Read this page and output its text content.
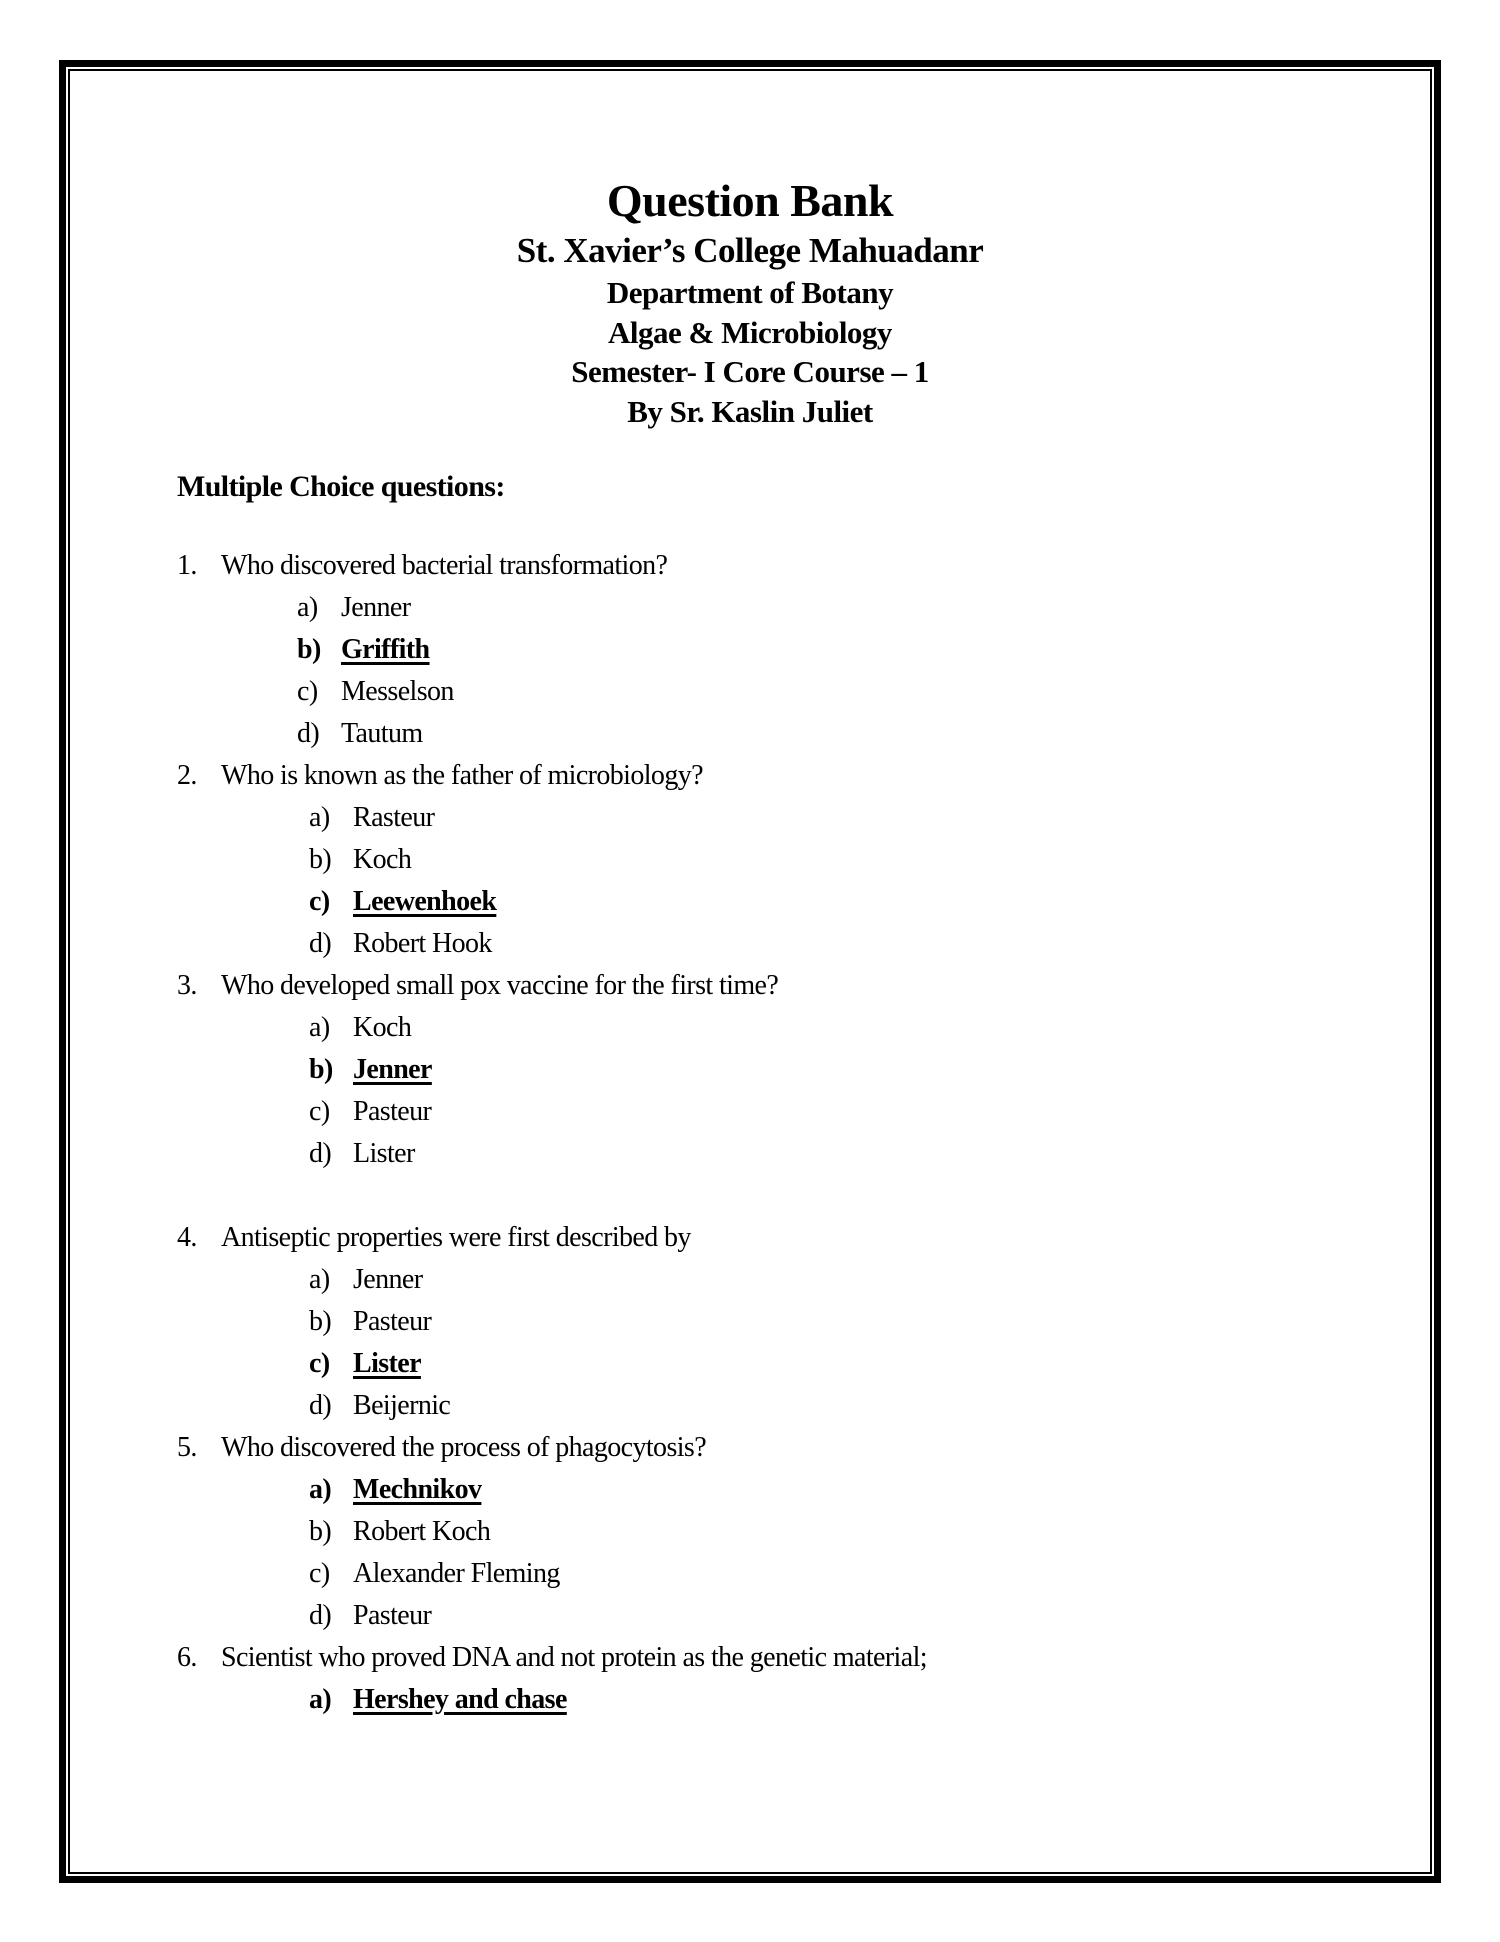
Question Bank
St. Xavier’s College Mahuadanr
Department of Botany
Algae & Microbiology
Semester- I Core Course – 1
By Sr. Kaslin Juliet
Multiple Choice questions:
1. Who discovered bacterial transformation?
a) Jenner
b) Griffith
c) Messelson
d) Tautum
2. Who is known as the father of microbiology?
a) Rasteur
b) Koch
c) Leewenhoek
d) Robert Hook
3. Who developed small pox vaccine for the first time?
a) Koch
b) Jenner
c) Pasteur
d) Lister
4. Antiseptic properties were first described by
a) Jenner
b) Pasteur
c) Lister
d) Beijernic
5. Who discovered the process of phagocytosis?
a) Mechnikov
b) Robert Koch
c) Alexander Fleming
d) Pasteur
6. Scientist who proved DNA and not protein as the genetic material;
a) Hershey and chase
